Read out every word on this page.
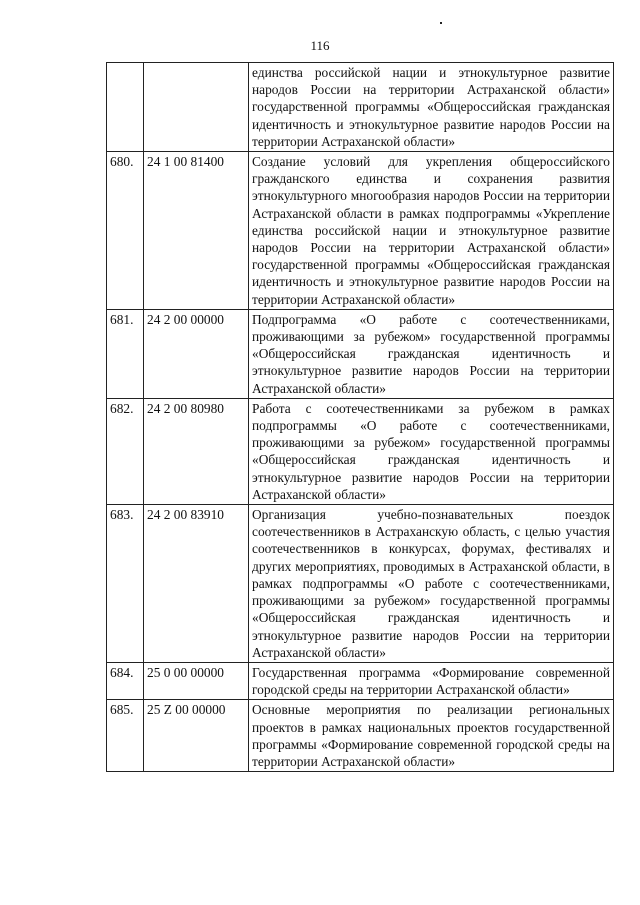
116
		единства российской нации и этнокультурное развитие народов России на территории Астраханской области» государственной программы «Общероссийская гражданская идентичность и этнокультурное развитие народов России на территории Астраханской области»
680.	24 1 00 81400	Создание условий для укрепления общероссийского гражданского единства и сохранения развития этнокультурного многообразия народов России на территории Астраханской области в рамках подпрограммы «Укрепление единства российской нации и этнокультурное развитие народов России на территории Астраханской области» государственной программы «Общероссийская гражданская идентичность и этнокультурное развитие народов России на территории Астраханской области»
681.	24 2 00 00000	Подпрограмма «О работе с соотечественниками, проживающими за рубежом» государственной программы «Общероссийская гражданская идентичность и этнокультурное развитие народов России на территории Астраханской области»
682.	24 2 00 80980	Работа с соотечественниками за рубежом в рамках подпрограммы «О работе с соотечественниками, проживающими за рубежом» государственной программы «Общероссийская гражданская идентичность и этнокультурное развитие народов России на территории Астраханской области»
683.	24 2 00 83910	Организация учебно-познавательных поездок соотечественников в Астраханскую область, с целью участия соотечественников в конкурсах, форумах, фестивалях и других мероприятиях, проводимых в Астраханской области, в рамках подпрограммы «О работе с соотечественниками, проживающими за рубежом» государственной программы «Общероссийская гражданская идентичность и этнокультурное развитие народов России на территории Астраханской области»
684.	25 0 00 00000	Государственная программа «Формирование современной городской среды на территории Астраханской области»
685.	25 Z 00 00000	Основные мероприятия по реализации региональных проектов в рамках национальных проектов государственной программы «Формирование современной городской среды на территории Астраханской области»
